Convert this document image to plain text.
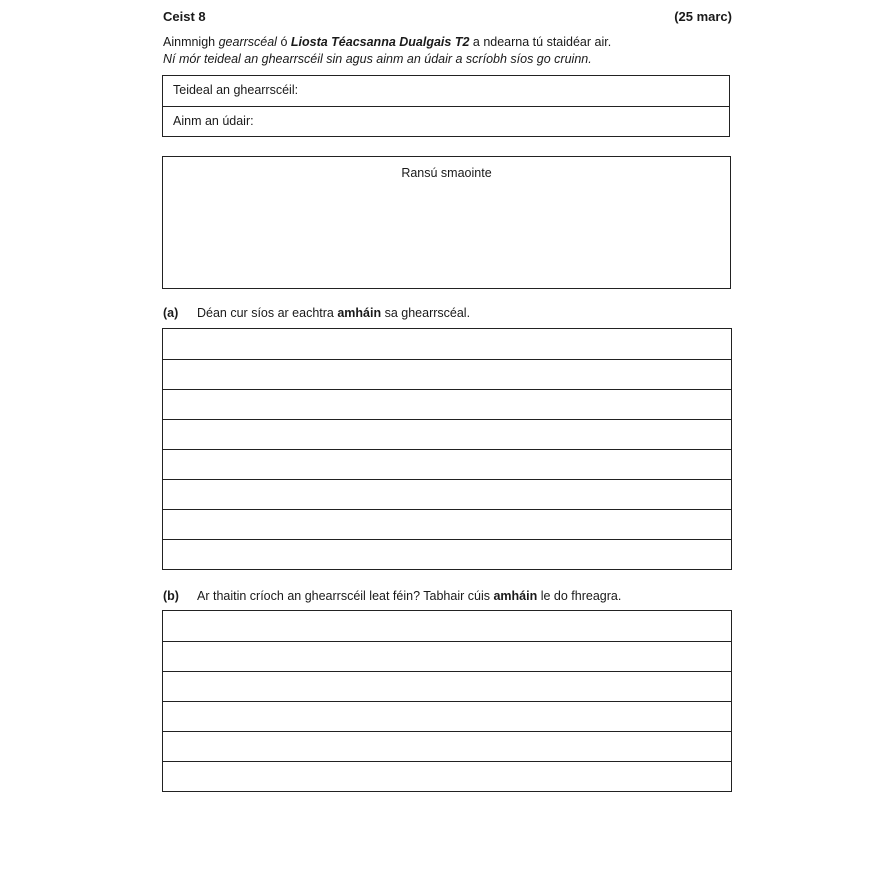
Ceist 8	(25 marc)
Ainmnigh gearrscéal ó Liosta Téacsanna Dualgais T2 a ndearna tú staidéar air.
Ní mór teideal an ghearrscéil sin agus ainm an údair a scríobh síos go cruinn.
Teideal an ghearrscéil:
Ainm an údair:
Ransú smaointe
(a) Déan cur síos ar eachtra amháin sa ghearrscéal.
(b) Ar thaitin críoch an ghearrscéil leat féin? Tabhair cúis amháin le do fhreagra.
